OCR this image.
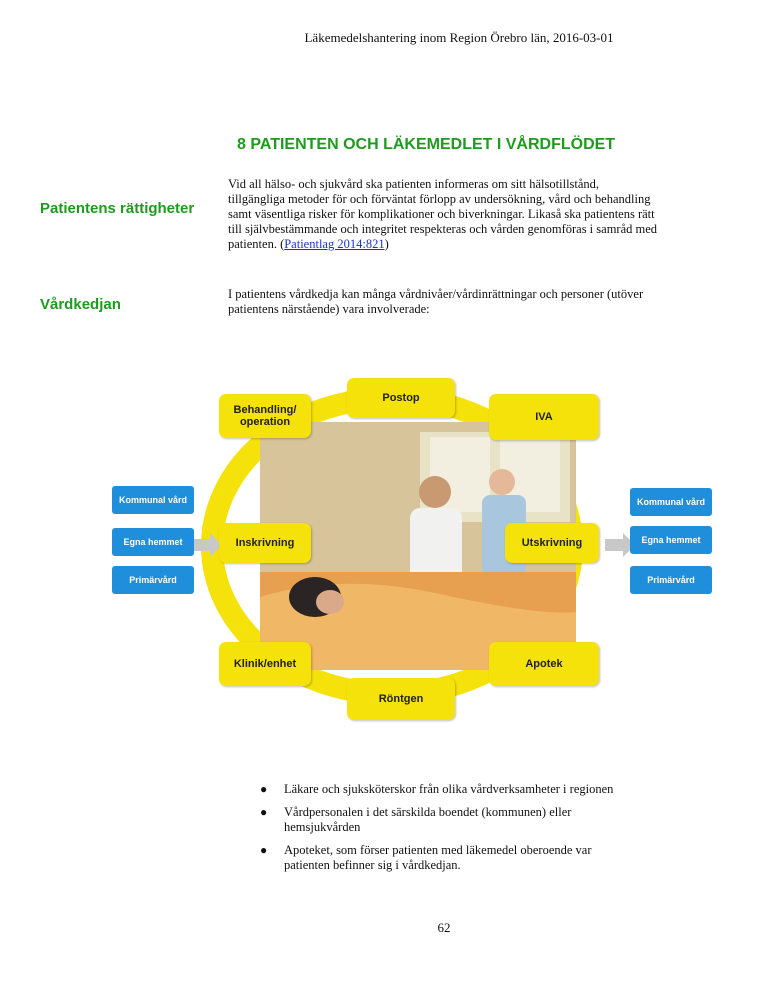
Läkemedelshantering inom Region Örebro län, 2016-03-01
8 PATIENTEN OCH LÄKEMEDLET I VÅRDFLÖDET
Patientens rättigheter
Vårdkedjan

Vid all hälso- och sjukvård ska patienten informeras om sitt hälsotillstånd, tillgängliga metoder för och förväntat förlopp av undersökning, vård och behandling samt väsentliga risker för komplikationer och biverkningar. Likaså ska patientens rätt till självbestämmande och integritet respekteras och vården genomföras i samråd med patienten. (Patientlag 2014:821)

I patientens vårdkedja kan många vårdnivåer/vårdinrättningar och personer (utöver patientens närstående) vara involverade:

Postop
Behandling/ operation	IVA
Inskrivning	Utskrivning
Klinik/enhet	Apotek
Röntgen
Kommunal vård
Egna hemmet
Primärvård
Kommunal vård
Egna hemmet
Primärvård
● Läkare och sjuksköterskor från olika vårdverksamheter i regionen
● Vårdpersonalen i det särskilda boendet (kommunen) eller hemsjukvården
● Apoteket, som förser patienten med läkemedel oberoende var patienten befinner sig i vårdkedjan.
62
